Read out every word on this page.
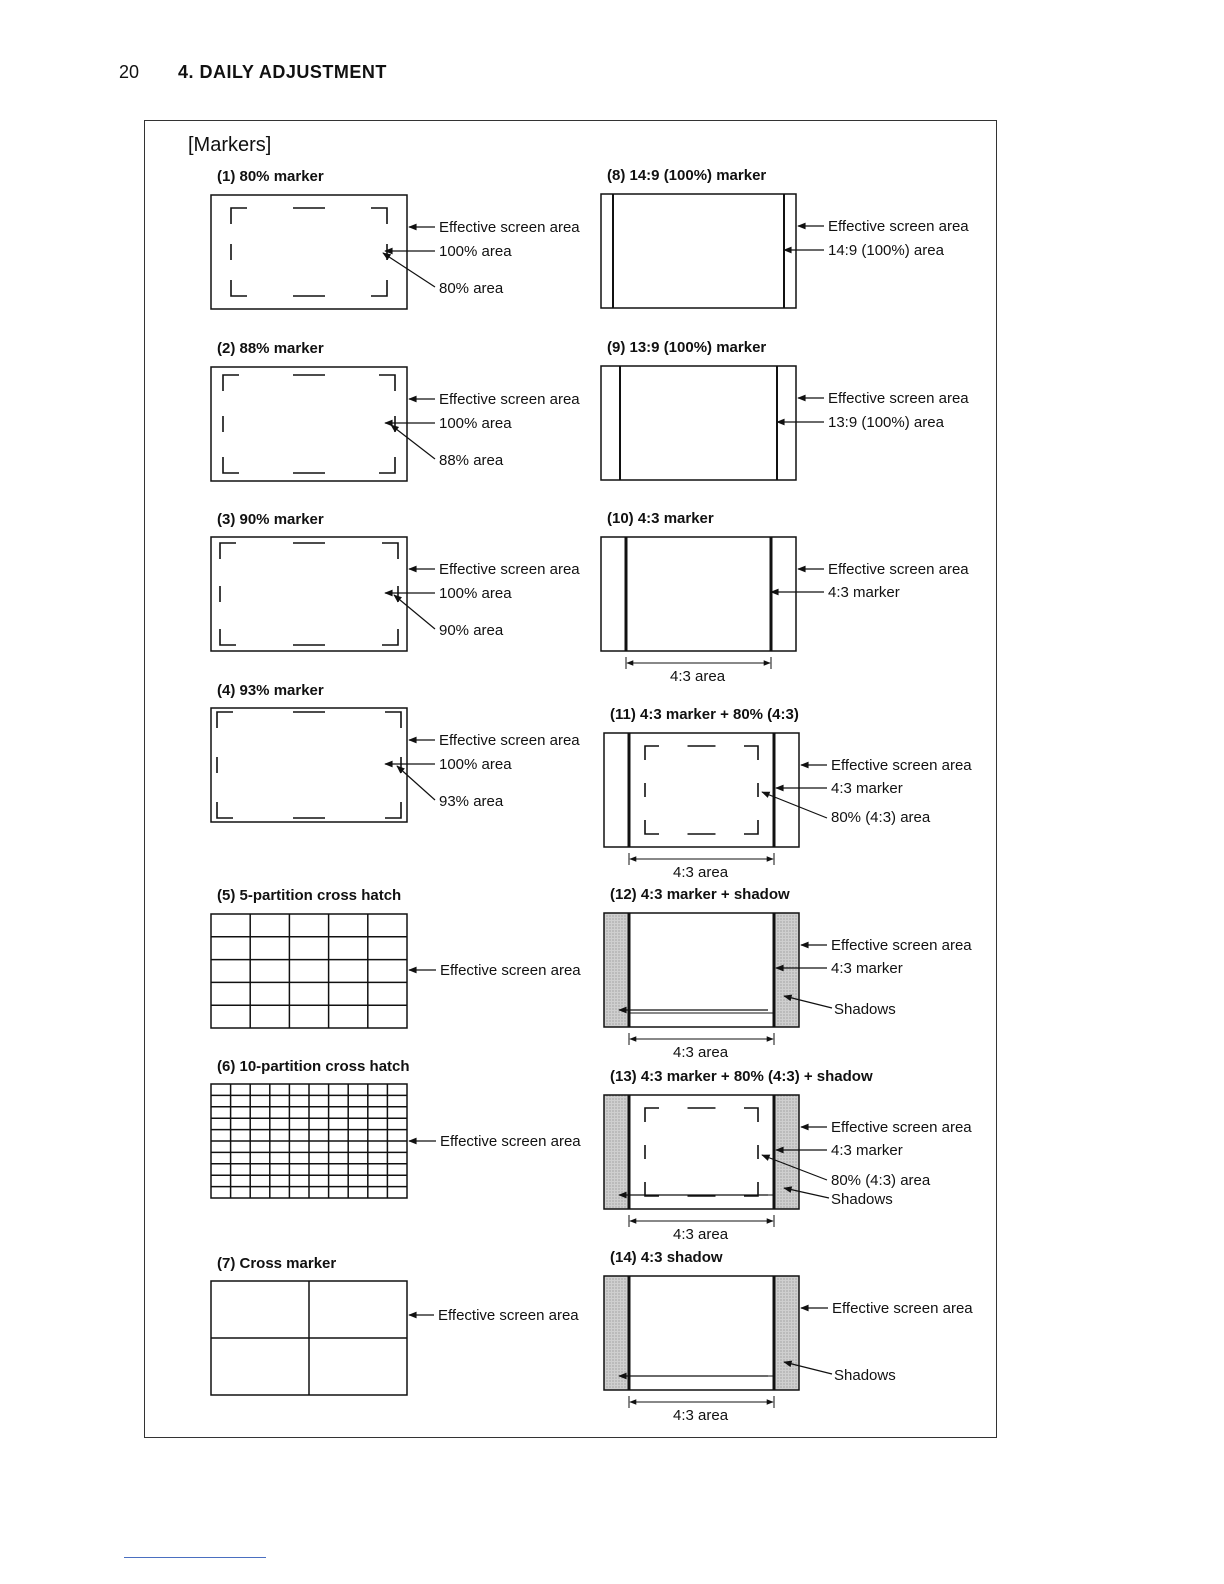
20 4. DAILY ADJUSTMENT
[Markers]
(1) 80% marker
Effective screen area
100% area
80% area
(2) 88% marker
Effective screen area
100% area
88% area
(3) 90% marker
Effective screen area
100% area
90% area
(4) 93% marker
Effective screen area
100% area
93% area
(5) 5-partition cross hatch
Effective screen area
(6) 10-partition cross hatch
Effective screen area
(7) Cross marker
Effective screen area
(8) 14:9 (100%) marker
Effective screen area
14:9 (100%) area
(9) 13:9 (100%) marker
Effective screen area
13:9 (100%) area
(10) 4:3 marker
4:3 area
Effective screen area
4:3 marker
(11) 4:3 marker + 80% (4:3)
4:3 area
Effective screen area
4:3 marker
80% (4:3) area
(12) 4:3 marker + shadow
4:3 area
Effective screen area
4:3 marker
Shadows
(13) 4:3 marker + 80% (4:3) + shadow
4:3 area
Effective screen area
4:3 marker
80% (4:3) area
Shadows
(14) 4:3 shadow
4:3 area
Effective screen area
Shadows
